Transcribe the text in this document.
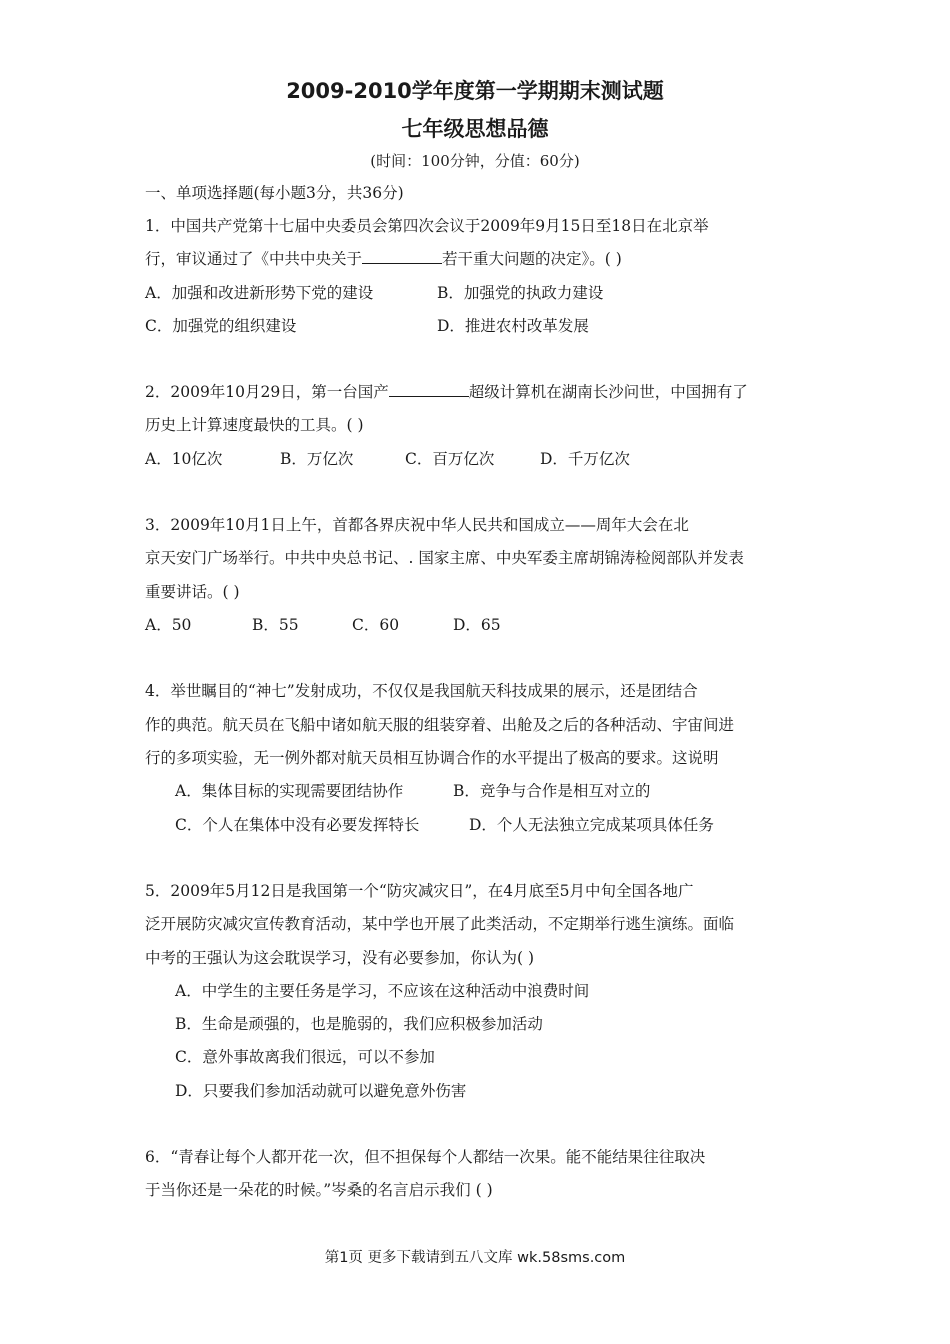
2009-2010学年度第一学期期末测试题
七年级思想品德
(时间：100分钟，分值：60分)
一、单项选择题(每小题3分，共36分)
1．中国共产党第十七届中央委员会第四次会议于2009年9月15日至18日在北京举
行，审议通过了《中共中央关于	若干重大问题的决定》。( )
A．加强和改进新形势下党的建设	B．加强党的执政力建设
C．加强党的组织建设	D．推进农村改革发展
2．2009年10月29日，第一台国产	超级计算机在湖南长沙问世，中国拥有了
历史上计算速度最快的工具。( )
A．10亿次	B．万亿次	C．百万亿次	D．千万亿次
3．2009年10月1日上午，首都各界庆祝中华人民共和国成立——周年大会在北
京天安门广场举行。中共中央总书记、. 国家主席、中央军委主席胡锦涛检阅部队并发表
重要讲话。( )
A．50	B．55	C．60	D．65
4．举世瞩目的“神七”发射成功，不仅仅是我国航天科技成果的展示，还是团结合
作的典范。航天员在飞船中诸如航天服的组装穿着、出舱及之后的各种活动、宇宙间进
行的多项实验，无一例外都对航天员相互协调合作的水平提出了极高的要求。这说明
A．集体目标的实现需要团结协作	B．竞争与合作是相互对立的
C．个人在集体中没有必要发挥特长	D．个人无法独立完成某项具体任务
5．2009年5月12日是我国第一个“防灾减灾日”，在4月底至5月中旬全国各地广
泛开展防灾减灾宣传教育活动，某中学也开展了此类活动，不定期举行逃生演练。面临
中考的王强认为这会耽误学习，没有必要参加，你认为( )
A．中学生的主要任务是学习，不应该在这种活动中浪费时间
B．生命是顽强的，也是脆弱的，我们应积极参加活动
C．意外事故离我们很远，可以不参加
D．只要我们参加活动就可以避免意外伤害
6．“青春让每个人都开花一次，但不担保每个人都结一次果。能不能结果往往取决
于当你还是一朵花的时候。”岑桑的名言启示我们 ( )
第1页 更多下载请到五八文库 wk.58sms.com
